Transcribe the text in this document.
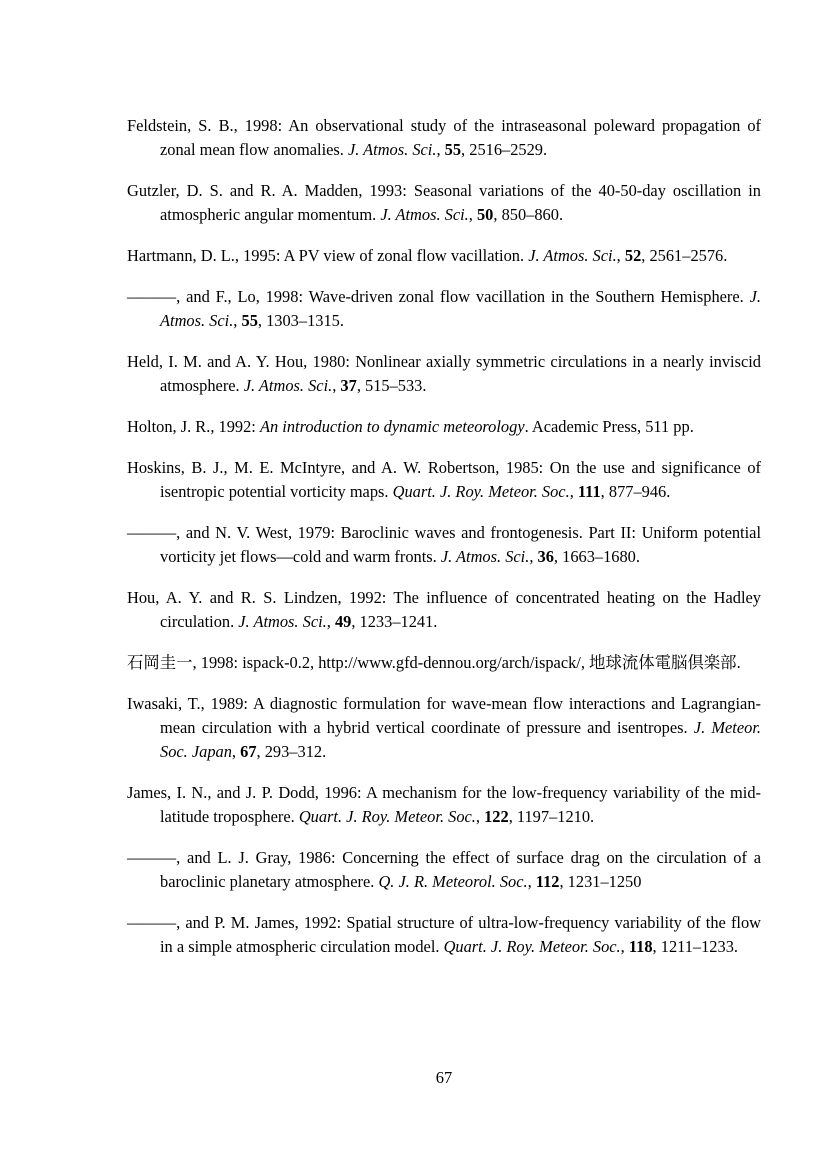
Feldstein, S. B., 1998: An observational study of the intraseasonal poleward propagation of zonal mean flow anomalies. J. Atmos. Sci., 55, 2516–2529.

Gutzler, D. S. and R. A. Madden, 1993: Seasonal variations of the 40-50-day oscillation in atmospheric angular momentum. J. Atmos. Sci., 50, 850–860.

Hartmann, D. L., 1995: A PV view of zonal flow vacillation. J. Atmos. Sci., 52, 2561–2576.

———, and F., Lo, 1998: Wave-driven zonal flow vacillation in the Southern Hemisphere. J. Atmos. Sci., 55, 1303–1315.

Held, I. M. and A. Y. Hou, 1980: Nonlinear axially symmetric circulations in a nearly inviscid atmosphere. J. Atmos. Sci., 37, 515–533.

Holton, J. R., 1992: An introduction to dynamic meteorology. Academic Press, 511 pp.

Hoskins, B. J., M. E. McIntyre, and A. W. Robertson, 1985: On the use and significance of isentropic potential vorticity maps. Quart. J. Roy. Meteor. Soc., 111, 877–946.

———, and N. V. West, 1979: Baroclinic waves and frontogenesis. Part II: Uniform potential vorticity jet flows—cold and warm fronts. J. Atmos. Sci., 36, 1663–1680.

Hou, A. Y. and R. S. Lindzen, 1992: The influence of concentrated heating on the Hadley circulation. J. Atmos. Sci., 49, 1233–1241.

石岡圭一, 1998: ispack-0.2, http://www.gfd-dennou.org/arch/ispack/, 地球流体電脳倶楽部.

Iwasaki, T., 1989: A diagnostic formulation for wave-mean flow interactions and Lagrangian-mean circulation with a hybrid vertical coordinate of pressure and isentropes. J. Meteor. Soc. Japan, 67, 293–312.

James, I. N., and J. P. Dodd, 1996: A mechanism for the low-frequency variability of the mid-latitude troposphere. Quart. J. Roy. Meteor. Soc., 122, 1197–1210.

———, and L. J. Gray, 1986: Concerning the effect of surface drag on the circulation of a baroclinic planetary atmosphere. Q. J. R. Meteorol. Soc., 112, 1231–1250

———, and P. M. James, 1992: Spatial structure of ultra-low-frequency variability of the flow in a simple atmospheric circulation model. Quart. J. Roy. Meteor. Soc., 118, 1211–1233.

67
